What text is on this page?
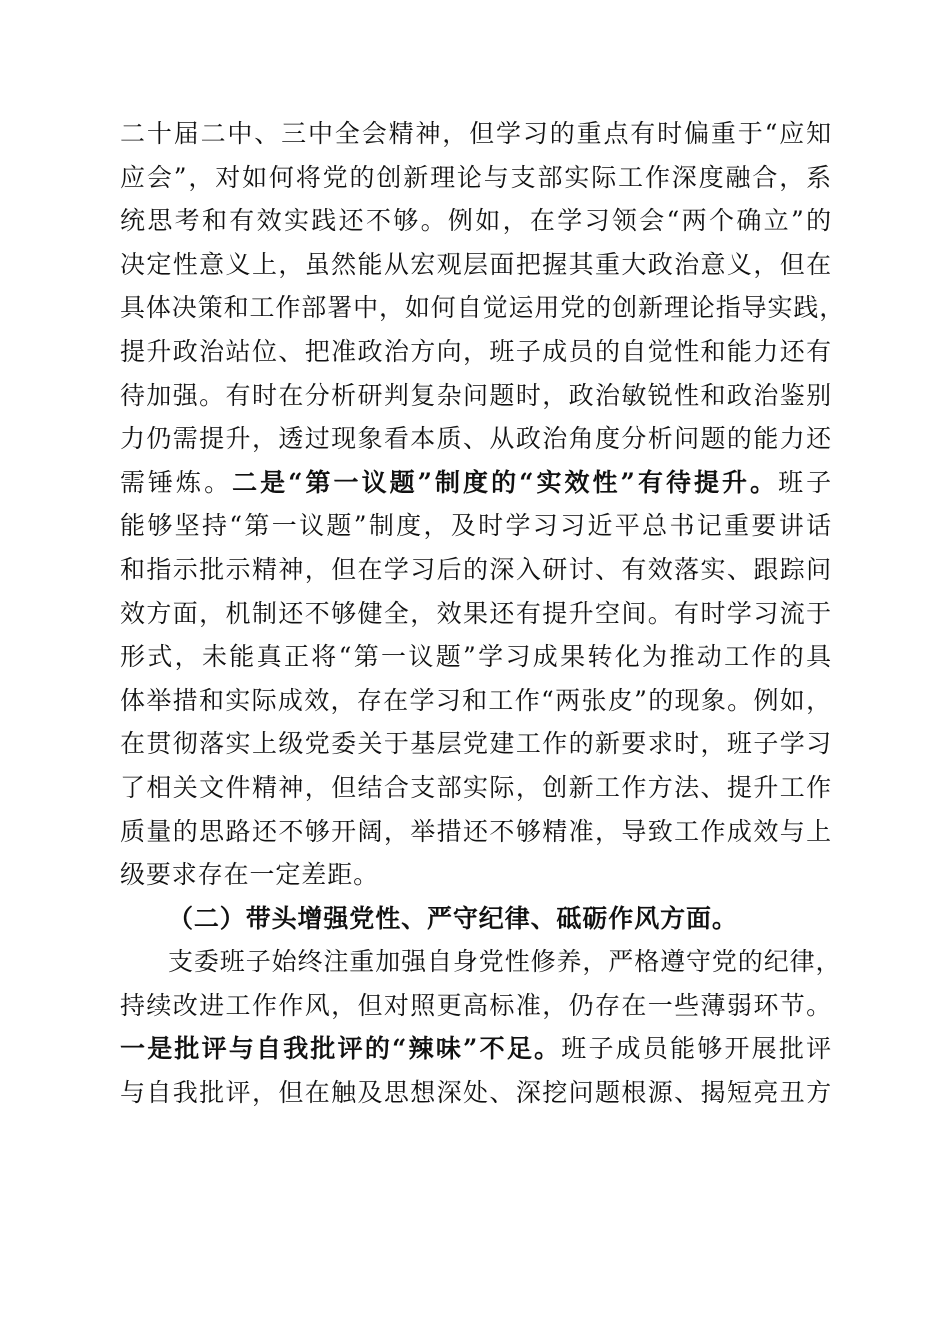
二十届二中、三中全会精神，但学习的重点有时偏重于“应知
应会”，对如何将党的创新理论与支部实际工作深度融合，系
统思考和有效实践还不够。例如，在学习领会“两个确立”的
决定性意义上，虽然能从宏观层面把握其重大政治意义，但在
具体决策和工作部署中，如何自觉运用党的创新理论指导实践，
提升政治站位、把准政治方向，班子成员的自觉性和能力还有
待加强。有时在分析研判复杂问题时，政治敏锐性和政治鉴别
力仍需提升，透过现象看本质、从政治角度分析问题的能力还
需锤炼。二是“第一议题”制度的“实效性”有待提升。班子
能够坚持“第一议题”制度，及时学习习近平总书记重要讲话
和指示批示精神，但在学习后的深入研讨、有效落实、跟踪问
效方面，机制还不够健全，效果还有提升空间。有时学习流于
形式，未能真正将“第一议题”学习成果转化为推动工作的具
体举措和实际成效，存在学习和工作“两张皮”的现象。例如，
在贯彻落实上级党委关于基层党建工作的新要求时，班子学习
了相关文件精神，但结合支部实际，创新工作方法、提升工作
质量的思路还不够开阔，举措还不够精准，导致工作成效与上
级要求存在一定差距。
（二）带头增强党性、严守纪律、砥砺作风方面。
支委班子始终注重加强自身党性修养，严格遵守党的纪律，
持续改进工作作风，但对照更高标准，仍存在一些薄弱环节。
一是批评与自我批评的“辣味”不足。班子成员能够开展批评
与自我批评，但在触及思想深处、深挖问题根源、揭短亮丑方
